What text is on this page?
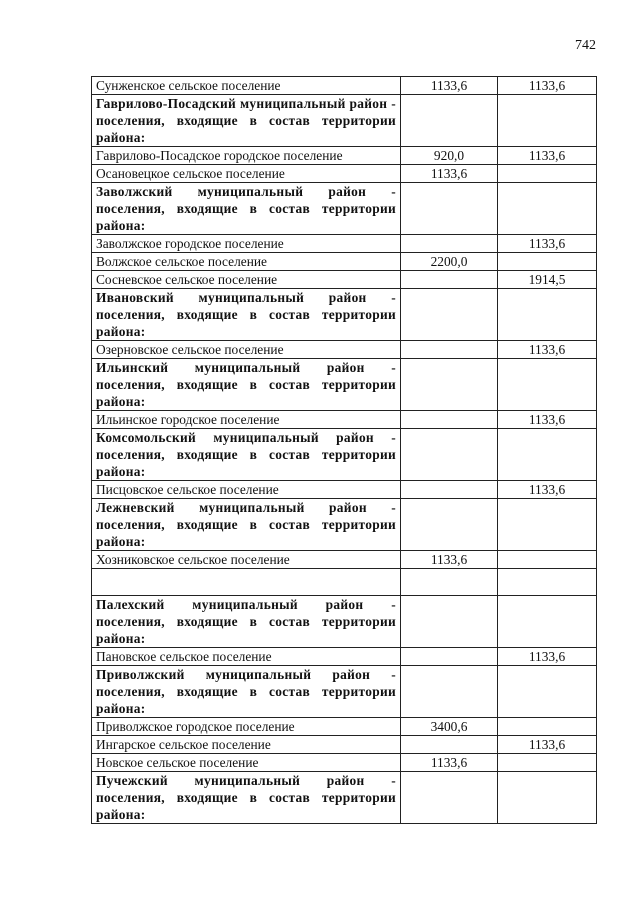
742
Сунженское сельское поселение	1133,6	1133,6
Гаврилово-Посадский муниципальный район - поселения, входящие в состав территории района:		
Гаврилово-Посадское городское поселение	920,0	1133,6
Осановецкое сельское поселение	1133,6	
Заволжский муниципальный район - поселения, входящие в состав территории района:		
Заволжское городское поселение		1133,6
Волжское сельское поселение	2200,0	
Сосневское сельское поселение		1914,5
Ивановский муниципальный район - поселения, входящие в состав территории района:		
Озерновское сельское поселение		1133,6
Ильинский муниципальный район - поселения, входящие в состав территории района:		
Ильинское городское поселение		1133,6
Комсомольский муниципальный район - поселения, входящие в состав территории района:		
Писцовское сельское поселение		1133,6
Лежневский муниципальный район - поселения, входящие в состав территории района:		
Хозниковское сельское поселение	1133,6	

Палехский муниципальный район - поселения, входящие в состав территории района:		
Пановское сельское поселение		1133,6
Приволжский муниципальный район - поселения, входящие в состав территории района:		
Приволжское городское поселение	3400,6	
Ингарское сельское поселение		1133,6
Новское сельское поселение	1133,6	
Пучежский муниципальный район - поселения, входящие в состав территории района:		
